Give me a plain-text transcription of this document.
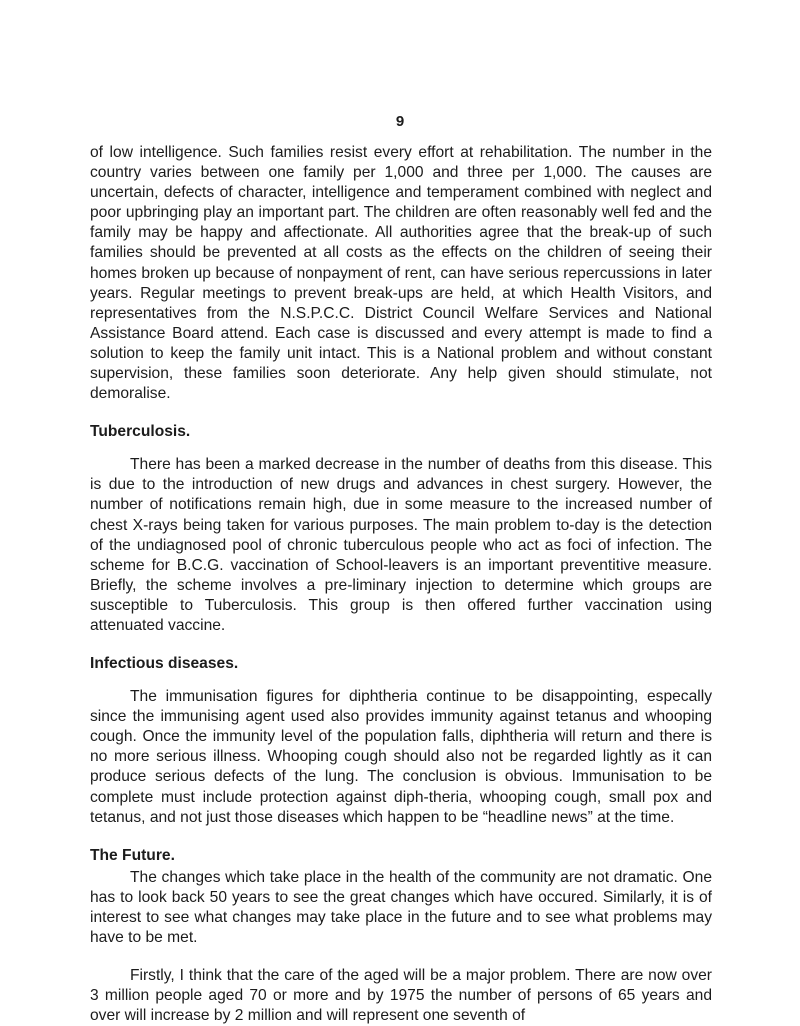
9

of low intelligence. Such families resist every effort at rehabilitation. The number in the country varies between one family per 1,000 and three per 1,000. The causes are uncertain, defects of character, intelligence and temperament combined with neglect and poor upbringing play an important part. The children are often reasonably well fed and the family may be happy and affectionate. All authorities agree that the break-up of such families should be prevented at all costs as the effects on the children of seeing their homes broken up because of nonpayment of rent, can have serious repercussions in later years. Regular meetings to prevent break-ups are held, at which Health Visitors, and representatives from the N.S.P.C.C. District Council Welfare Services and National Assistance Board attend. Each case is discussed and every attempt is made to find a solution to keep the family unit intact. This is a National problem and without constant supervision, these families soon deteriorate. Any help given should stimulate, not demoralise.

Tuberculosis.

There has been a marked decrease in the number of deaths from this disease. This is due to the introduction of new drugs and advances in chest surgery. However, the number of notifications remain high, due in some measure to the increased number of chest X-rays being taken for various purposes. The main problem to-day is the detection of the undiagnosed pool of chronic tuberculous people who act as foci of infection. The scheme for B.C.G. vaccination of School-leavers is an important preventitive measure. Briefly, the scheme involves a pre-liminary injection to determine which groups are susceptible to Tuberculosis. This group is then offered further vaccination using attenuated vaccine.

Infectious diseases.

The immunisation figures for diphtheria continue to be disappointing, especally since the immunising agent used also provides immunity against tetanus and whooping cough. Once the immunity level of the population falls, diphtheria will return and there is no more serious illness. Whooping cough should also not be regarded lightly as it can produce serious defects of the lung. The conclusion is obvious. Immunisation to be complete must include protection against diph-theria, whooping cough, small pox and tetanus, and not just those diseases which happen to be “headline news” at the time.

The Future.

The changes which take place in the health of the community are not dramatic. One has to look back 50 years to see the great changes which have occured. Similarly, it is of interest to see what changes may take place in the future and to see what problems may have to be met.

Firstly, I think that the care of the aged will be a major problem. There are now over 3 million people aged 70 or more and by 1975 the number of persons of 65 years and over will increase by 2 million and will represent one seventh of
